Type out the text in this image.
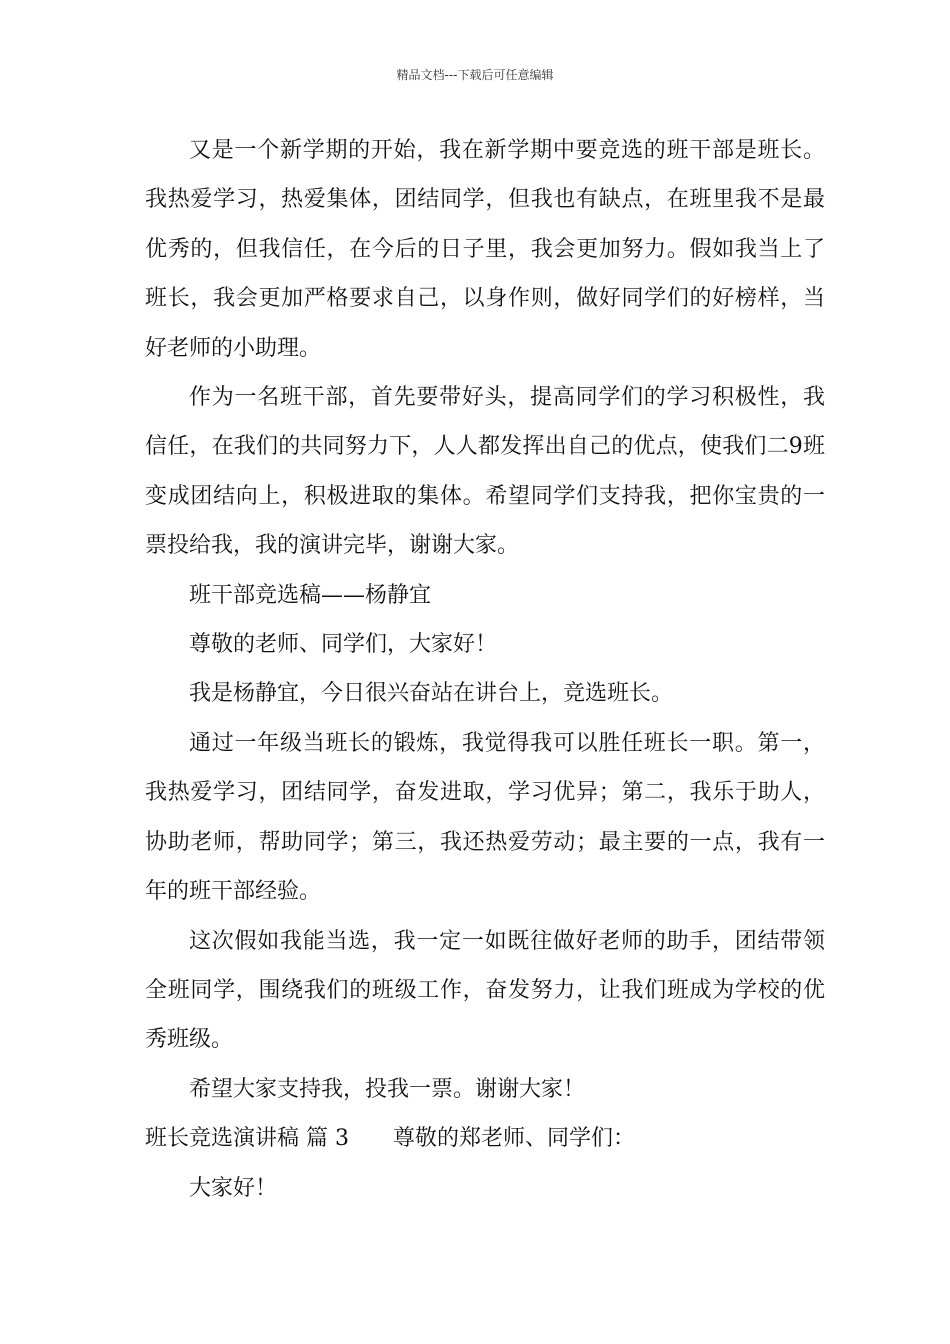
精品文档---下载后可任意编辑

又是一个新学期的开始，我在新学期中要竞选的班干部是班长。我热爱学习，热爱集体，团结同学，但我也有缺点，在班里我不是最优秀的，但我信任，在今后的日子里，我会更加努力。假如我当上了班长，我会更加严格要求自己，以身作则，做好同学们的好榜样，当好老师的小助理。

作为一名班干部，首先要带好头，提高同学们的学习积极性，我信任，在我们的共同努力下，人人都发挥出自己的优点，使我们二9班变成团结向上，积极进取的集体。希望同学们支持我，把你宝贵的一票投给我，我的演讲完毕，谢谢大家。

班干部竞选稿——杨静宜

尊敬的老师、同学们，大家好！

我是杨静宜，今日很兴奋站在讲台上，竞选班长。

通过一年级当班长的锻炼，我觉得我可以胜任班长一职。第一，我热爱学习，团结同学，奋发进取，学习优异；第二，我乐于助人，协助老师，帮助同学；第三，我还热爱劳动；最主要的一点，我有一年的班干部经验。

这次假如我能当选，我一定一如既往做好老师的助手，团结带领全班同学，围绕我们的班级工作，奋发努力，让我们班成为学校的优秀班级。

希望大家支持我，投我一票。谢谢大家！

班长竞选演讲稿 篇 3 尊敬的郑老师、同学们：

大家好！
